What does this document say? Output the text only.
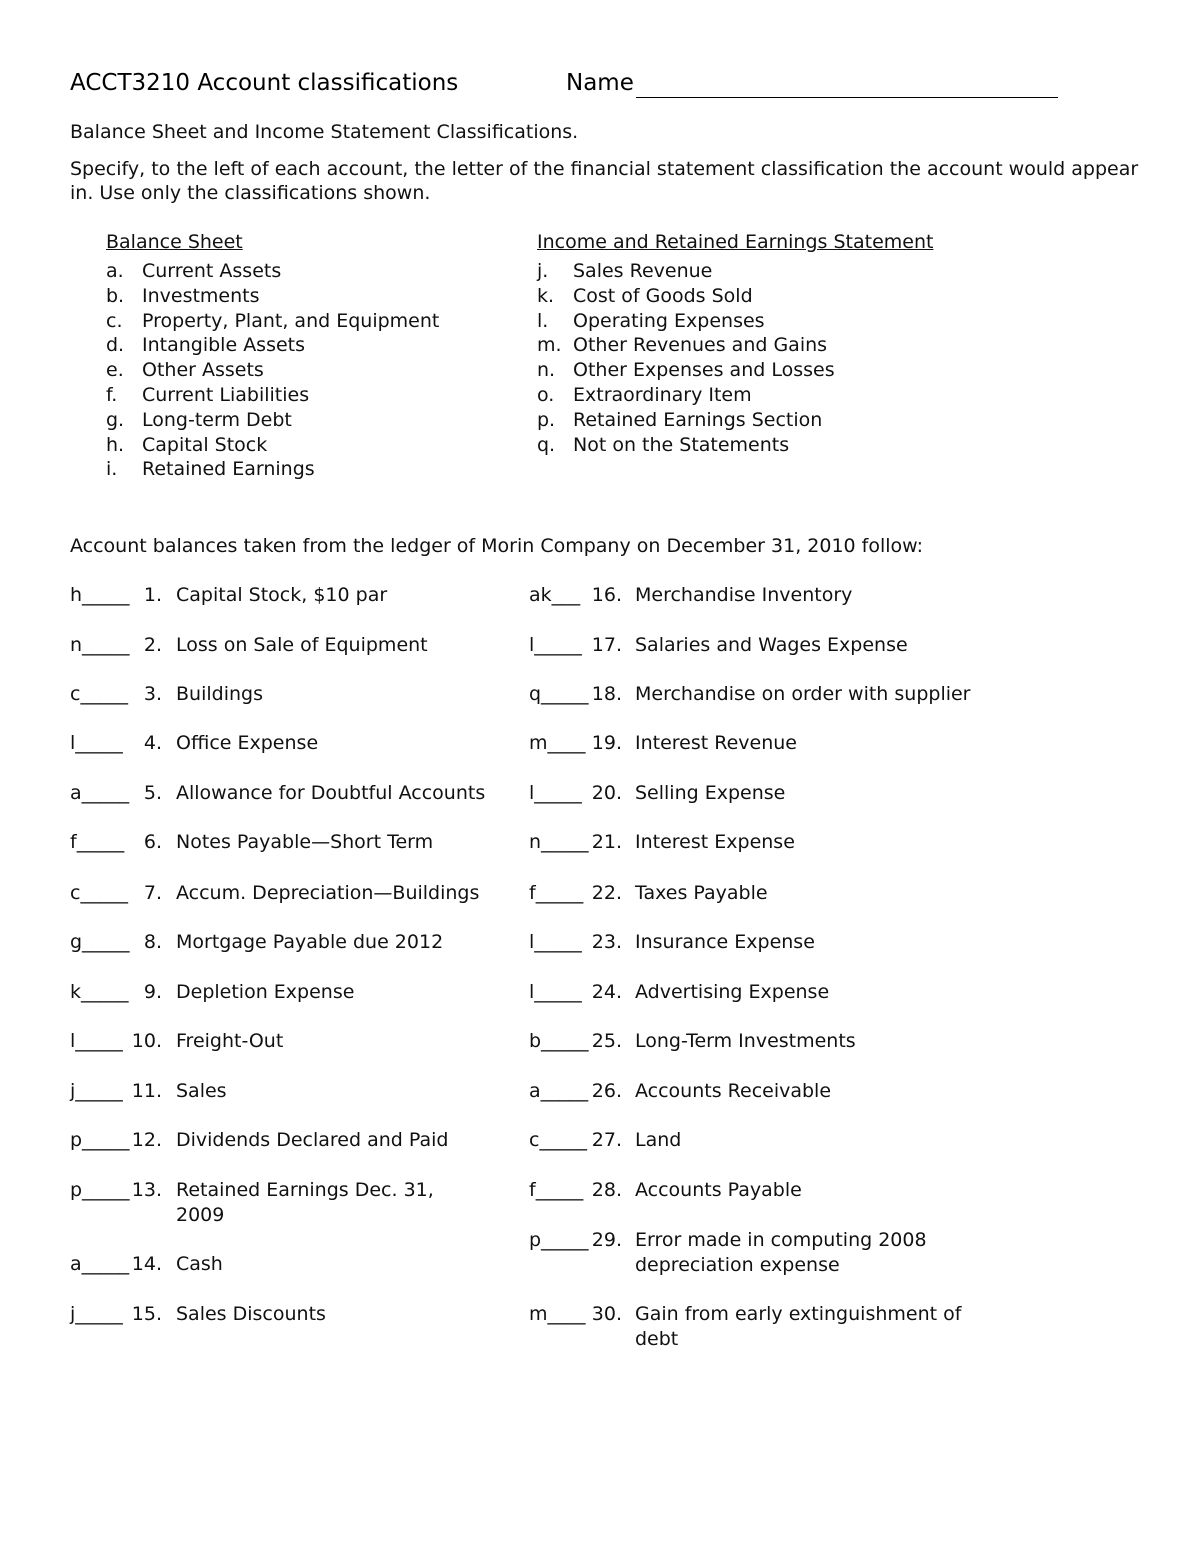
ACCT3210 Account classifications	Name
Balance Sheet and Income Statement Classifications.
Specify, to the left of each account, the letter of the financial statement classification the account would appear
in. Use only the classifications shown.
Balance Sheet	Income and Retained Earnings Statement
a. Current Assets
b. Investments
c.	Property, Plant, and Equipment
d. Intangible Assets
e. Other Assets
f.	Current Liabilities
g. Long-term Debt
h. Capital Stock
i.	Retained Earnings
j.	Sales Revenue
k. Cost of Goods Sold
l.	Operating Expenses
m. Other Revenues and Gains
n. Other Expenses and Losses
o. Extraordinary Item
p. Retained Earnings Section
q. Not on the Statements
Account balances taken from the ledger of Morin Company on December 31, 2010 follow:
h_____ 1. Capital Stock, $10 par
n_____ 2. Loss on Sale of Equipment
c_____ 3. Buildings
l_____	4. Office Expense
a_____ 5. Allowance for Doubtful Accounts
f_____	6. Notes Payable—Short Term
c_____ 7. Accum. Depreciation—Buildings
g_____ 8. Mortgage Payable due 2012
k_____ 9. Depletion Expense
l_____ 10. Freight-Out
j_____ 11. Sales
p_____ 12. Dividends Declared and Paid
p_____ 13. Retained Earnings Dec. 31,
2009
a_____ 14. Cash
j_____ 15. Sales Discounts
ak___ 16. Merchandise Inventory
l_____ 17. Salaries and Wages Expense
q_____ 18. Merchandise on order with supplier
m____ 19. Interest Revenue
l_____ 20. Selling Expense
n_____ 21. Interest Expense
f_____ 22. Taxes Payable
l_____ 23. Insurance Expense
l_____ 24. Advertising Expense
b_____ 25. Long-Term Investments
a_____ 26. Accounts Receivable
c_____ 27. Land
f_____ 28. Accounts Payable
p_____ 29. Error made in computing 2008
depreciation expense
m____ 30. Gain from early extinguishment of
debt
